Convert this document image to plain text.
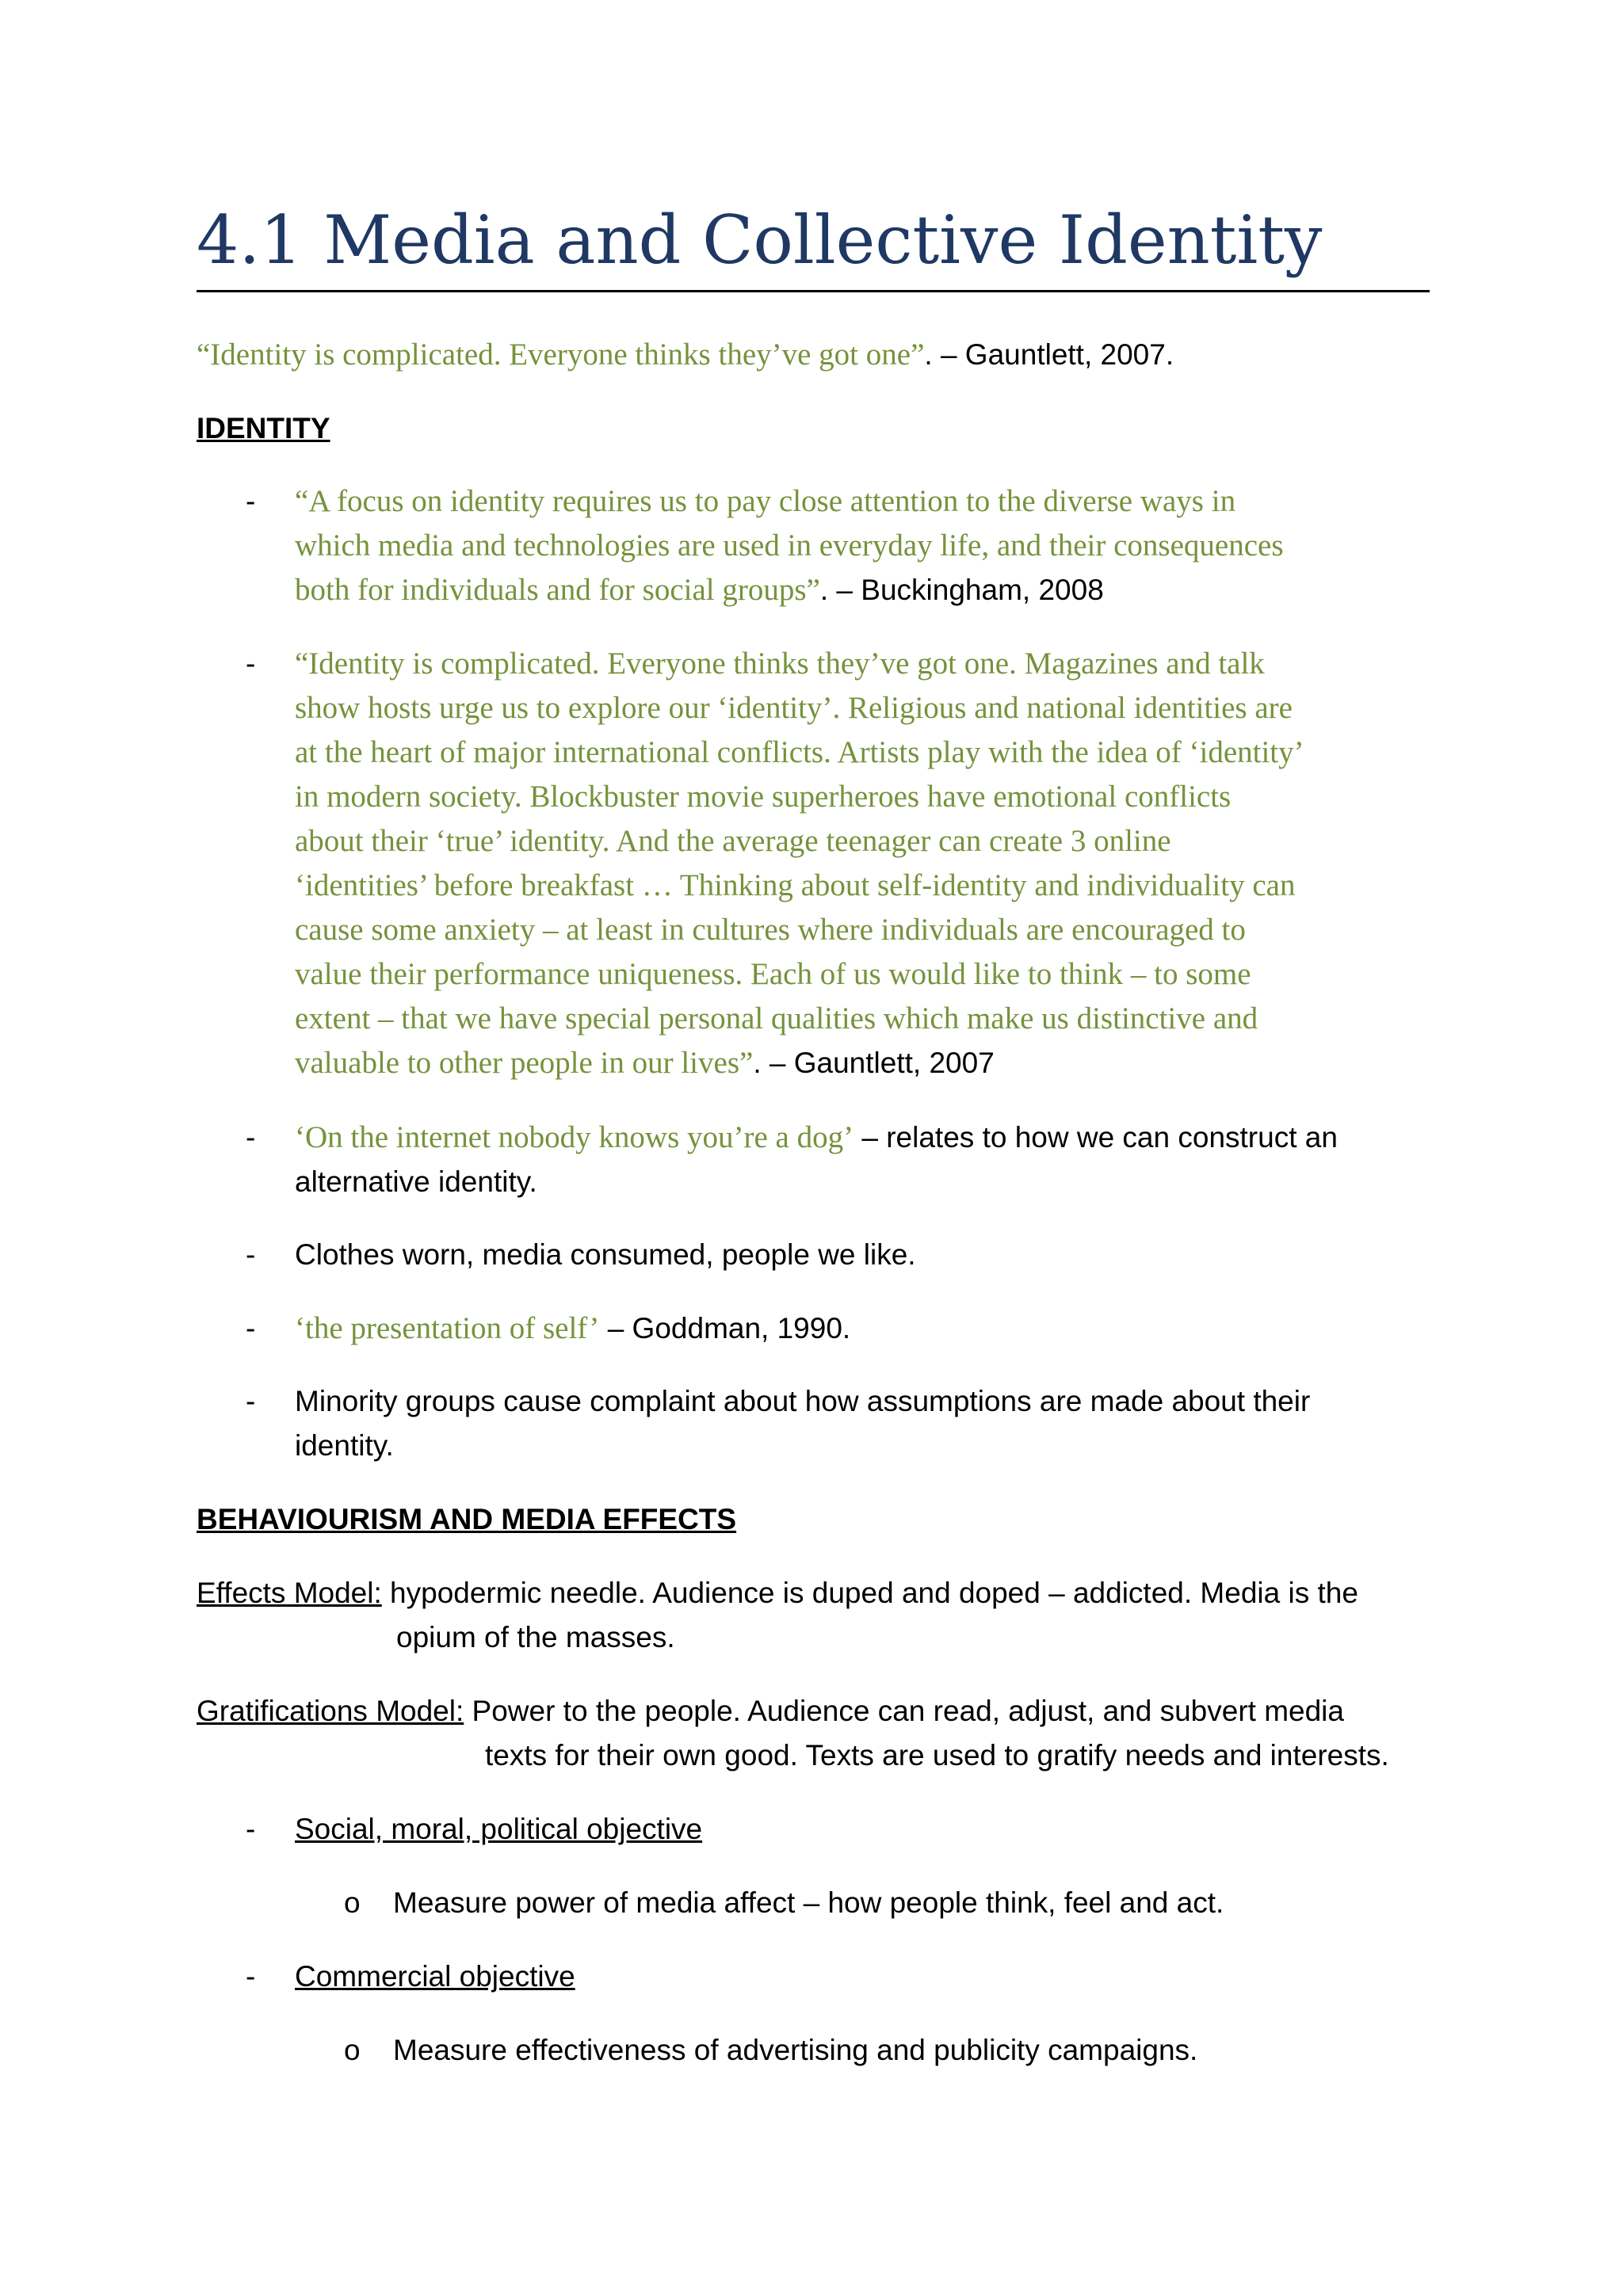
4.1 Media and Collective Identity
“Identity is complicated. Everyone thinks they’ve got one”. – Gauntlett, 2007.
IDENTITY
- “A focus on identity requires us to pay close attention to the diverse ways in
which media and technologies are used in everyday life, and their consequences
both for individuals and for social groups”. – Buckingham, 2008
- “Identity is complicated. Everyone thinks they’ve got one. Magazines and talk
show hosts urge us to explore our ‘identity’. Religious and national identities are
at the heart of major international conflicts. Artists play with the idea of ‘identity’
in modern society. Blockbuster movie superheroes have emotional conflicts
about their ‘true’ identity. And the average teenager can create 3 online
‘identities’ before breakfast … Thinking about self-identity and individuality can
cause some anxiety – at least in cultures where individuals are encouraged to
value their performance uniqueness. Each of us would like to think – to some
extent – that we have special personal qualities which make us distinctive and
valuable to other people in our lives”. – Gauntlett, 2007
- ‘On the internet nobody knows you’re a dog’ – relates to how we can construct an
alternative identity.
- Clothes worn, media consumed, people we like.
- ‘the presentation of self’ – Goddman, 1990.
- Minority groups cause complaint about how assumptions are made about their
identity.
BEHAVIOURISM AND MEDIA EFFECTS
Effects Model: hypodermic needle. Audience is duped and doped – addicted. Media is the
opium of the masses.
Gratifications Model: Power to the people. Audience can read, adjust, and subvert media
texts for their own good. Texts are used to gratify needs and interests.
- Social, moral, political objective
o Measure power of media affect – how people think, feel and act.
- Commercial objective
o Measure effectiveness of advertising and publicity campaigns.
